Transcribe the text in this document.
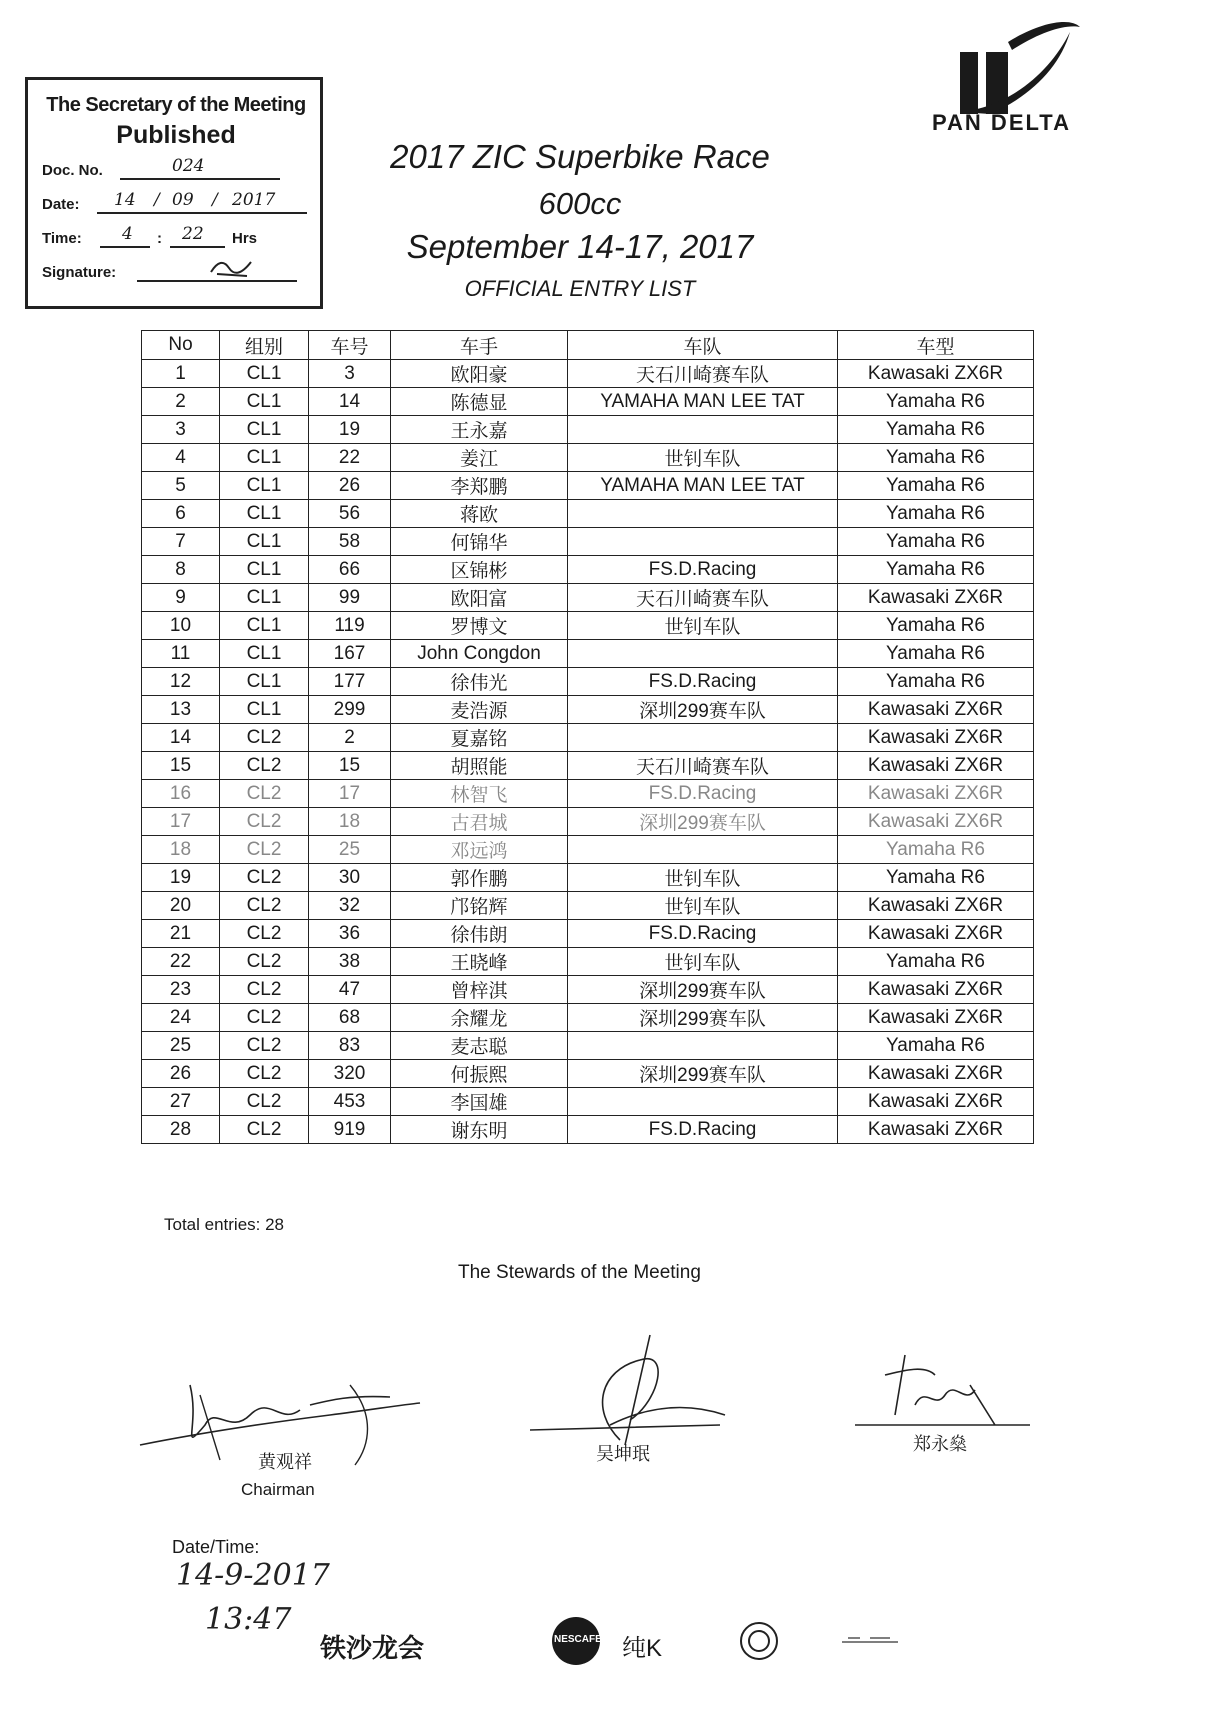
The Secretary of the Meeting
Published
Doc. No.	024
Date: 14 / 09 / 2017
Time: 4 : 22 Hrs
Signature:
PAN DELTA
2017 ZIC Superbike Race
600cc
September 14-17, 2017
OFFICIAL ENTRY LIST
No	组别	车号	车手	车队	车型
1	CL1	3	欧阳豪	天石川崎赛车队	Kawasaki ZX6R
2	CL1	14	陈德显	YAMAHA MAN LEE TAT	Yamaha R6
3	CL1	19	王永嘉		Yamaha R6
4	CL1	22	姜江	世钊车队	Yamaha R6
5	CL1	26	李郑鹏	YAMAHA MAN LEE TAT	Yamaha R6
6	CL1	56	蒋欧		Yamaha R6
7	CL1	58	何锦华		Yamaha R6
8	CL1	66	区锦彬	FS.D.Racing	Yamaha R6
9	CL1	99	欧阳富	天石川崎赛车队	Kawasaki ZX6R
10	CL1	119	罗博文	世钊车队	Yamaha R6
11	CL1	167	John Congdon		Yamaha R6
12	CL1	177	徐伟光	FS.D.Racing	Yamaha R6
13	CL1	299	麦浩源	深圳299赛车队	Kawasaki ZX6R
14	CL2	2	夏嘉铭		Kawasaki ZX6R
15	CL2	15	胡照能	天石川崎赛车队	Kawasaki ZX6R
16	CL2	17	林智飞	FS.D.Racing	Kawasaki ZX6R
17	CL2	18	古君城	深圳299赛车队	Kawasaki ZX6R
18	CL2	25	邓远鸿		Yamaha R6
19	CL2	30	郭作鹏	世钊车队	Yamaha R6
20	CL2	32	邝铭辉	世钊车队	Kawasaki ZX6R
21	CL2	36	徐伟朗	FS.D.Racing	Kawasaki ZX6R
22	CL2	38	王晓峰	世钊车队	Yamaha R6
23	CL2	47	曾梓淇	深圳299赛车队	Kawasaki ZX6R
24	CL2	68	余耀龙	深圳299赛车队	Kawasaki ZX6R
25	CL2	83	麦志聪		Yamaha R6
26	CL2	320	何振熙	深圳299赛车队	Kawasaki ZX6R
27	CL2	453	李国雄		Kawasaki ZX6R
28	CL2	919	谢东明	FS.D.Racing	Kawasaki ZX6R
Total entries: 28
The Stewards of the Meeting
黄观祥
Chairman
吴坤珉	郑永燊
Date/Time:
14-9-2017
13:47
铁沙龙会	NESCAFE 纯K
